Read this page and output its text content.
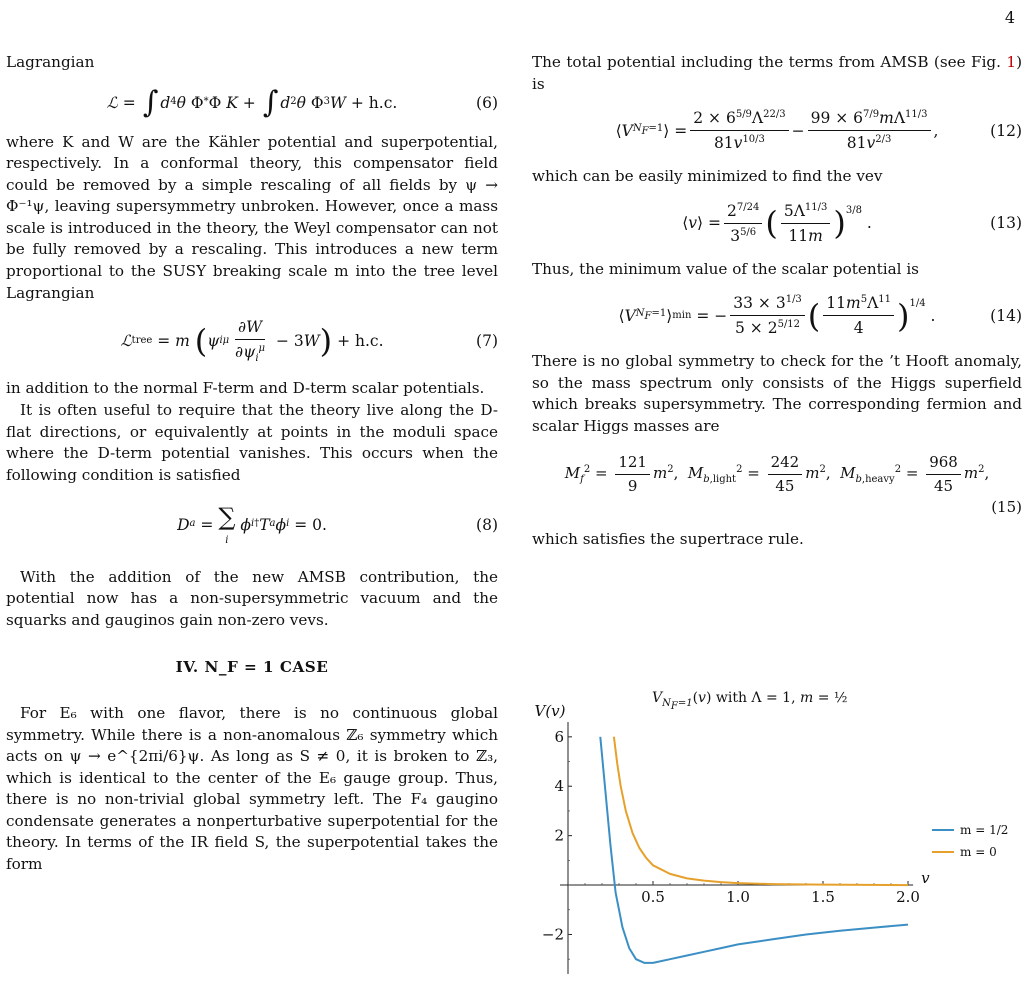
4

Lagrangian

ℒ = ∫ d 4 θ Φ * Φ K + ∫ d 2 θ Φ 3 W + h.c.	(6)

where K and W are the Kähler potential and superpotential, respectively. In a conformal theory, this compensator field could be removed by a simple rescaling of all fields by ψ → Φ⁻¹ψ, leaving supersymmetry unbroken. However, once a mass scale is introduced in the theory, the Weyl compensator can not be fully removed by a rescaling. This introduces a new term proportional to the SUSY breaking scale m into the tree level Lagrangian

ℒ tree = m
( ψ i μ $\frac{\partial W}{\partial\psi_i^\mu} - 3$ W ) + h.c.	(7)

in addition to the normal F-term and D-term scalar potentials.

It is often useful to require that the theory live along the D-flat directions, or equivalently at points in the moduli space where the D-term potential vanishes. This occurs when the following condition is satisfied

D a = ∑
i

ϕ i † T a ϕ i = 0.	(8)

With the addition of the new AMSB contribution, the potential now has a non-supersymmetric vacuum and the squarks and gauginos gain non-zero vevs.

IV. N_F = 1 CASE

For E₆ with one flavor, there is no continuous global symmetry. While there is a non-anomalous ℤ₆ symmetry which acts on ψ → e^{2πi/6}ψ. As long as S ≠ 0, it is broken to ℤ₃, which is identical to the center of the E₆ gauge group. Thus, there is no non-trivial global symmetry left. The F₄ gaugino condensate generates a nonperturbative superpotential for the theory. In terms of the IR field S, the superpotential takes the form

The total potential including the terms from AMSB (see Fig. 1) is

⟨ V $N_F=1$ ⟩ = $\frac{2 \times 6^{5/9}\Lambda^{22/3}}{81v^{10/3}} - \frac{99 \times 6^{7/9}m\Lambda^{11/3}}{81v^{2/3}}$ ,	(12)

which can be easily minimized to find the vev

⟨ v ⟩ = $\frac{2^{7/24}}{3^{5/6}}$ ( $\frac{5\Lambda^{11/3}}{11m} )^{3/8}$
.	(13)

Thus, the minimum value of the scalar potential is

⟨ V $N_F=1$ ⟩ min = − $\frac{33 \times 3^{1/3}}{5 \times 2^{5/12}}$ ( $\frac{11m^5\Lambda^{11}}{4} )^{1/4}$
.	(14)

There is no global symmetry to check for the ’t Hooft anomaly, so the mass spectrum only consists of the Higgs superfield which breaks supersymmetry. The corresponding fermion and scalar Higgs masses are

$M_f^2 = \frac{121}{9} m^2$,  $M_{b,light}^2 = \frac{242}{45} m^2$,  $M_{b,heavy}^2 = \frac{968}{45} m^2$,
(15)

which satisfies the supertrace rule.

$V_{N_F=1}(v)$ with Λ = 1, m = ½
0.5	1.0	1.5	2.0
−2
2
4
6
V(v)
v
m = 1/2
m = 0
